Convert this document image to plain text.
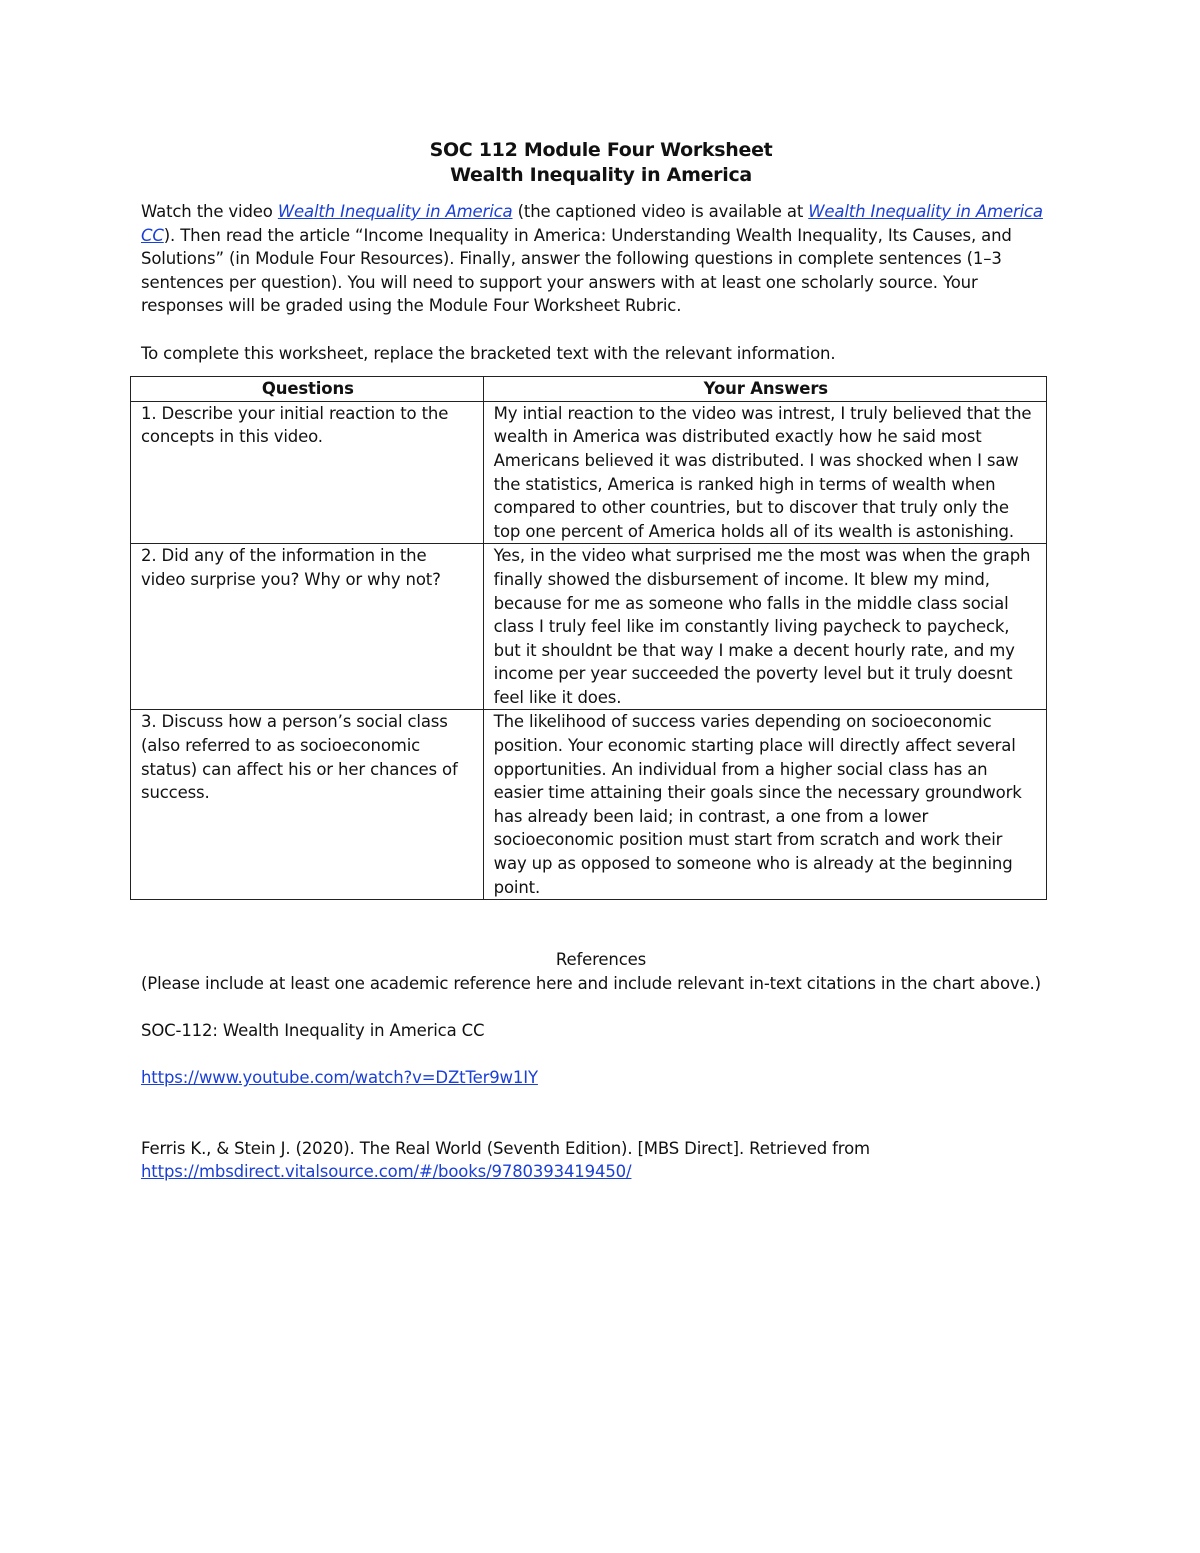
SOC 112 Module Four Worksheet
Wealth Inequality in America

Watch the video Wealth Inequality in America (the captioned video is available at Wealth Inequality in America CC). Then read the article “Income Inequality in America: Understanding Wealth Inequality, Its Causes, and Solutions” (in Module Four Resources). Finally, answer the following questions in complete sentences (1–3 sentences per question). You will need to support your answers with at least one scholarly source. Your responses will be graded using the Module Four Worksheet Rubric.

To complete this worksheet, replace the bracketed text with the relevant information.

Questions	Your Answers
1. Describe your initial reaction to the concepts in this video.	My intial reaction to the video was intrest, I truly believed that the wealth in America was distributed exactly how he said most Americans believed it was distributed. I was shocked when I saw the statistics, America is ranked high in terms of wealth when compared to other countries, but to discover that truly only the top one percent of America holds all of its wealth is astonishing.
2. Did any of the information in the video surprise you? Why or why not?	Yes, in the video what surprised me the most was when the graph finally showed the disbursement of income. It blew my mind, because for me as someone who falls in the middle class social class I truly feel like im constantly living paycheck to paycheck, but it shouldnt be that way I make a decent hourly rate, and my income per year succeeded the poverty level but it truly doesnt feel like it does.
3. Discuss how a person’s social class (also referred to as socioeconomic status) can affect his or her chances of success.	The likelihood of success varies depending on socioeconomic position. Your economic starting place will directly affect several opportunities. An individual from a higher social class has an easier time attaining their goals since the necessary groundwork has already been laid; in contrast, a one from a lower socioeconomic position must start from scratch and work their way up as opposed to someone who is already at the beginning point.
References

(Please include at least one academic reference here and include relevant in-text citations in the chart above.)

SOC-112: Wealth Inequality in America CC

https://www.youtube.com/watch?v=DZtTer9w1IY

Ferris K., & Stein J. (2020). The Real World (Seventh Edition). [MBS Direct]. Retrieved from

https://mbsdirect.vitalsource.com/#/books/9780393419450/
